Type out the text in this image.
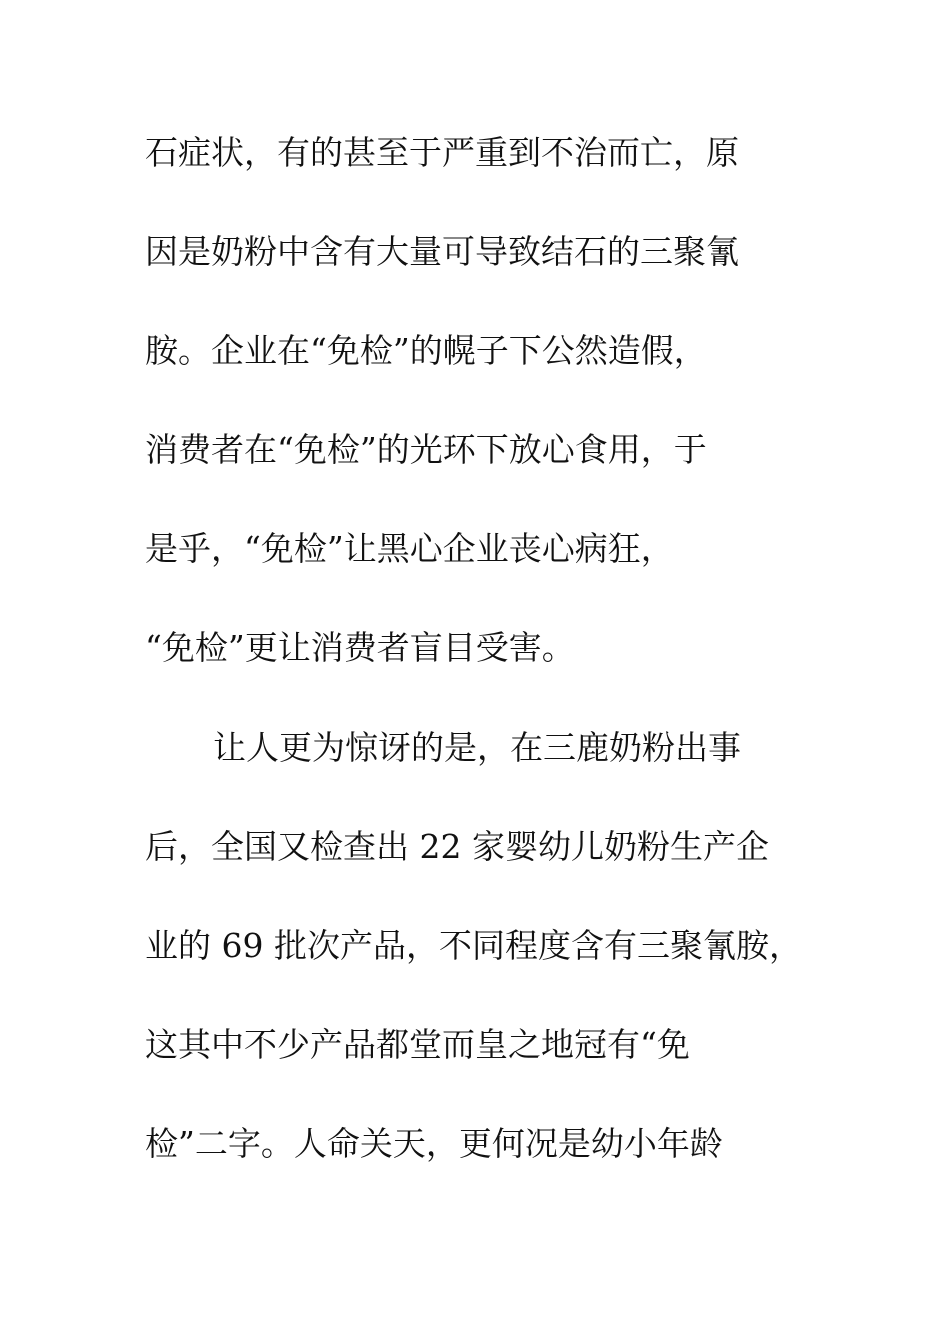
石症状，有的甚至于严重到不治而亡，原
因是奶粉中含有大量可导致结石的三聚氰
胺。企业在“免检”的幌子下公然造假，
消费者在“免检”的光环下放心食用，于
是乎，“免检”让黑心企业丧心病狂，
“免检”更让消费者盲目受害。
让人更为惊讶的是，在三鹿奶粉出事
后，全国又检查出 22 家婴幼儿奶粉生产企
业的 69 批次产品，不同程度含有三聚氰胺，
这其中不少产品都堂而皇之地冠有“免
检”二字。人命关天，更何况是幼小年龄
